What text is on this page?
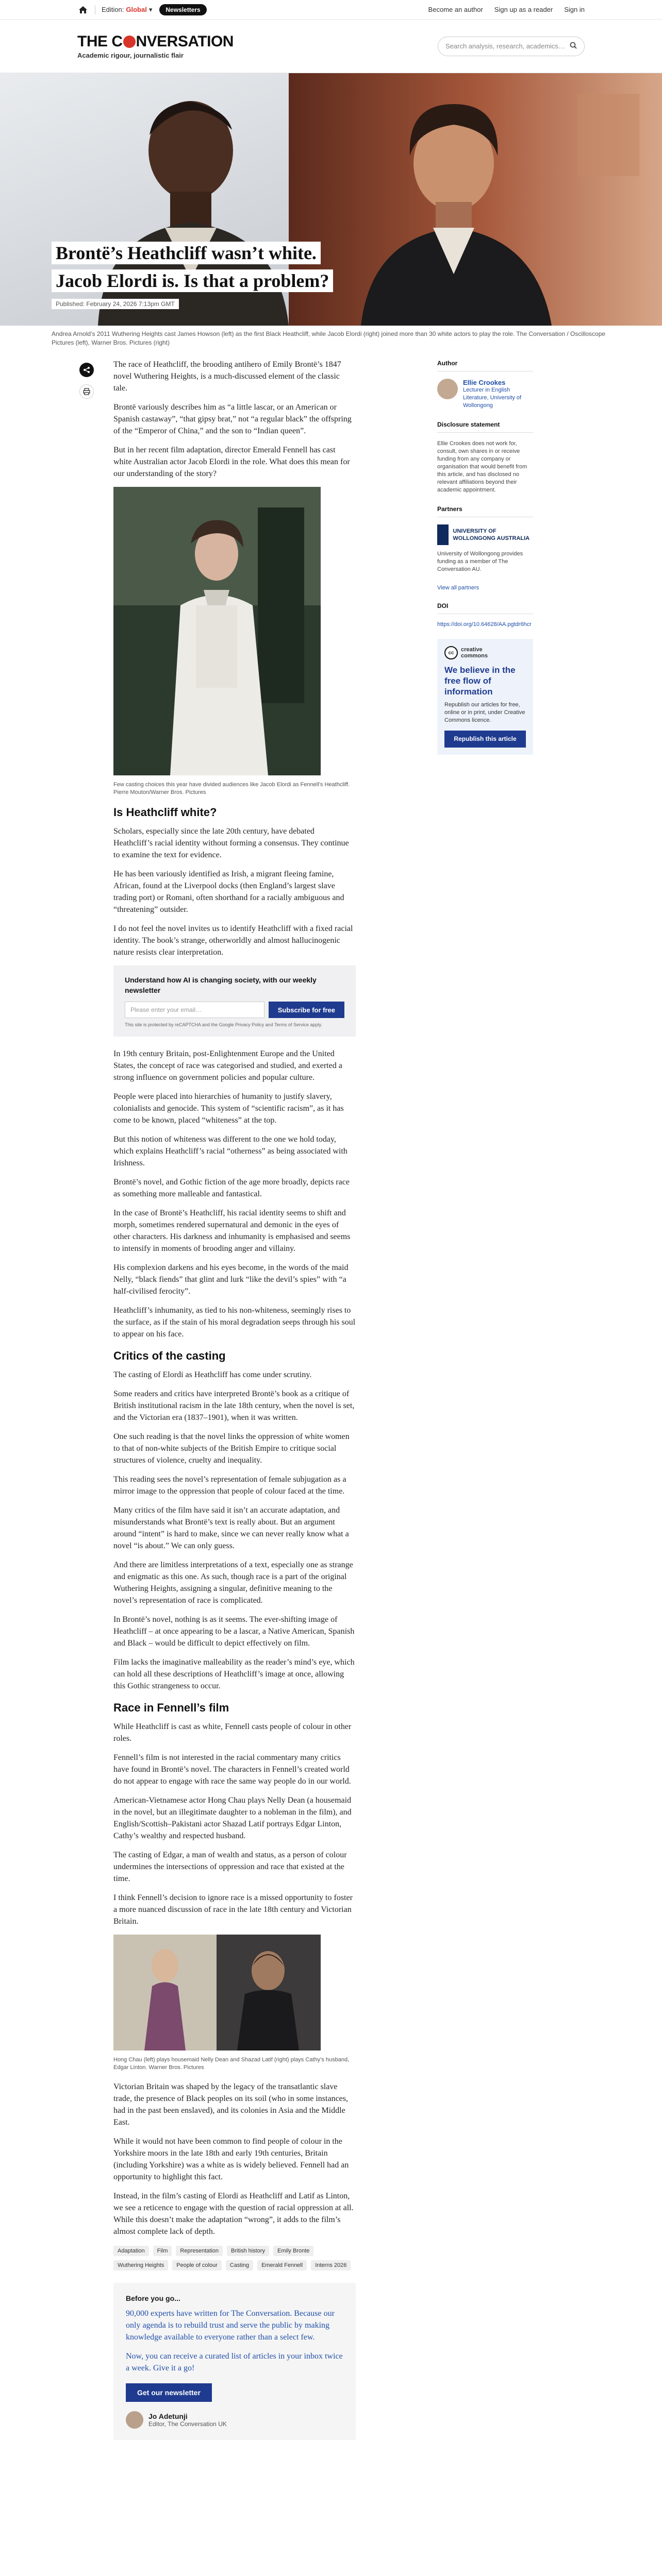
Edition: Global ▾	Newsletters	Become an author Sign up as a reader Sign in
THE C NVERSATION
Academic rigour, journalistic flair
Search analysis, research, academics…
Brontë’s Heathcliff wasn’t white. Jacob Elordi is. Is that a problem?
Published: February 24, 2026 7:13pm GMT
Andrea Arnold’s 2011 Wuthering Heights cast James Howson (left) as the first Black Heathcliff, while Jacob Elordi (right) joined more than 30 white actors to play the role. The Conversation / Oscilloscope Pictures (left), Warner Bros. Pictures (right)

The race of Heathcliff, the brooding antihero of Emily Brontë’s 1847 novel Wuthering Heights, is a much-discussed element of the classic tale.

Brontë variously describes him as “a little lascar, or an American or Spanish castaway”, “that gipsy brat,” not “a regular black” the offspring of the “Emperor of China,” and the son to “Indian queen”.

But in her recent film adaptation, director Emerald Fennell has cast white Australian actor Jacob Elordi in the role. What does this mean for our understanding of the story?

Few casting choices this year have divided audiences like Jacob Elordi as Fennell’s Heathcliff. Pierre Mouton/Warner Bros. Pictures
Is Heathcliff white?

Scholars, especially since the late 20th century, have debated Heathcliff’s racial identity without forming a consensus. They continue to examine the text for evidence.

He has been variously identified as Irish, a migrant fleeing famine, African, found at the Liverpool docks (then England’s largest slave trading port) or Romani, often shorthand for a racially ambiguous and “threatening” outsider.

I do not feel the novel invites us to identify Heathcliff with a fixed racial identity. The book’s strange, otherworldly and almost hallucinogenic nature resists clear interpretation.

Understand how AI is changing society, with our weekly newsletter
Please enter your email…	Subscribe for free
This site is protected by reCAPTCHA and the Google Privacy Policy and Terms of Service apply.

In 19th century Britain, post-Enlightenment Europe and the United States, the concept of race was categorised and studied, and exerted a strong influence on government policies and popular culture.

People were placed into hierarchies of humanity to justify slavery, colonialists and genocide. This system of “scientific racism”, as it has come to be known, placed “whiteness” at the top.

But this notion of whiteness was different to the one we hold today, which explains Heathcliff’s racial “otherness” as being associated with Irishness.

Brontë’s novel, and Gothic fiction of the age more broadly, depicts race as something more malleable and fantastical.

In the case of Brontë’s Heathcliff, his racial identity seems to shift and morph, sometimes rendered supernatural and demonic in the eyes of other characters. His darkness and inhumanity is emphasised and seems to intensify in moments of brooding anger and villainy.

His complexion darkens and his eyes become, in the words of the maid Nelly, “black fiends” that glint and lurk “like the devil’s spies” with “a half-civilised ferocity”.

Heathcliff’s inhumanity, as tied to his non-whiteness, seemingly rises to the surface, as if the stain of his moral degradation seeps through his soul to appear on his face.

Critics of the casting

The casting of Elordi as Heathcliff has come under scrutiny.

Some readers and critics have interpreted Brontë’s book as a critique of British institutional racism in the late 18th century, when the novel is set, and the Victorian era (1837–1901), when it was written.

One such reading is that the novel links the oppression of white women to that of non-white subjects of the British Empire to critique social structures of violence, cruelty and inequality.

This reading sees the novel’s representation of female subjugation as a mirror image to the oppression that people of colour faced at the time.

Many critics of the film have said it isn’t an accurate adaptation, and misunderstands what Brontë’s text is really about. But an argument around “intent” is hard to make, since we can never really know what a novel “is about.” We can only guess.

And there are limitless interpretations of a text, especially one as strange and enigmatic as this one. As such, though race is a part of the original Wuthering Heights, assigning a singular, definitive meaning to the novel’s representation of race is complicated.

In Brontë’s novel, nothing is as it seems. The ever-shifting image of Heathcliff – at once appearing to be a lascar, a Native American, Spanish and Black – would be difficult to depict effectively on film.

Film lacks the imaginative malleability as the reader’s mind’s eye, which can hold all these descriptions of Heathcliff’s image at once, allowing this Gothic strangeness to occur.

Race in Fennell’s film

While Heathcliff is cast as white, Fennell casts people of colour in other roles.

Fennell’s film is not interested in the racial commentary many critics have found in Brontë’s novel. The characters in Fennell’s created world do not appear to engage with race the same way people do in our world.

American-Vietnamese actor Hong Chau plays Nelly Dean (a housemaid in the novel, but an illegitimate daughter to a nobleman in the film), and English/Scottish–Pakistani actor Shazad Latif portrays Edgar Linton, Cathy’s wealthy and respected husband.

The casting of Edgar, a man of wealth and status, as a person of colour undermines the intersections of oppression and race that existed at the time.

I think Fennell’s decision to ignore race is a missed opportunity to foster a more nuanced discussion of race in the late 18th century and Victorian Britain.

Hong Chau (left) plays housemaid Nelly Dean and Shazad Latif (right) plays Cathy’s husband, Edgar Linton. Warner Bros. Pictures

Victorian Britain was shaped by the legacy of the transatlantic slave trade, the presence of Black peoples on its soil (who in some instances, had in the past been enslaved), and its colonies in Asia and the Middle East.

While it would not have been common to find people of colour in the Yorkshire moors in the late 18th and early 19th centuries, Britain (including Yorkshire) was a white as is widely believed. Fennell had an opportunity to highlight this fact.

Instead, in the film’s casting of Elordi as Heathcliff and Latif as Linton, we see a reticence to engage with the question of racial oppression at all. While this doesn’t make the adaptation “wrong”, it adds to the film’s almost complete lack of depth.

Adaptation	Film	Representation	British history	Emily Bronte
Wuthering Heights	People of colour	Casting	Emerald Fennell	Interns 2026
Before you go...

90,000 experts have written for The Conversation. Because our only agenda is to rebuild trust and serve the public by making knowledge available to everyone rather than a select few.

Now, you can receive a curated list of articles in your inbox twice a week. Give it a go!

Get our newsletter
Jo Adetunji
Editor, The Conversation UK
Author
Ellie Crookes
Lecturer in English Literature, University of Wollongong
Disclosure statement
Ellie Crookes does not work for, consult, own shares in or receive funding from any company or organisation that would benefit from this article, and has disclosed no relevant affiliations beyond their academic appointment.
Partners
UNIVERSITY OF WOLLONGONG AUSTRALIA
University of Wollongong provides funding as a member of The Conversation AU.
View all partners
DOI
https://doi.org/10.64628/AA.pgtdr6hcr
cc	creative
commons
We believe in the free flow of information
Republish our articles for free, online or in print, under Creative Commons licence.
Republish this article
